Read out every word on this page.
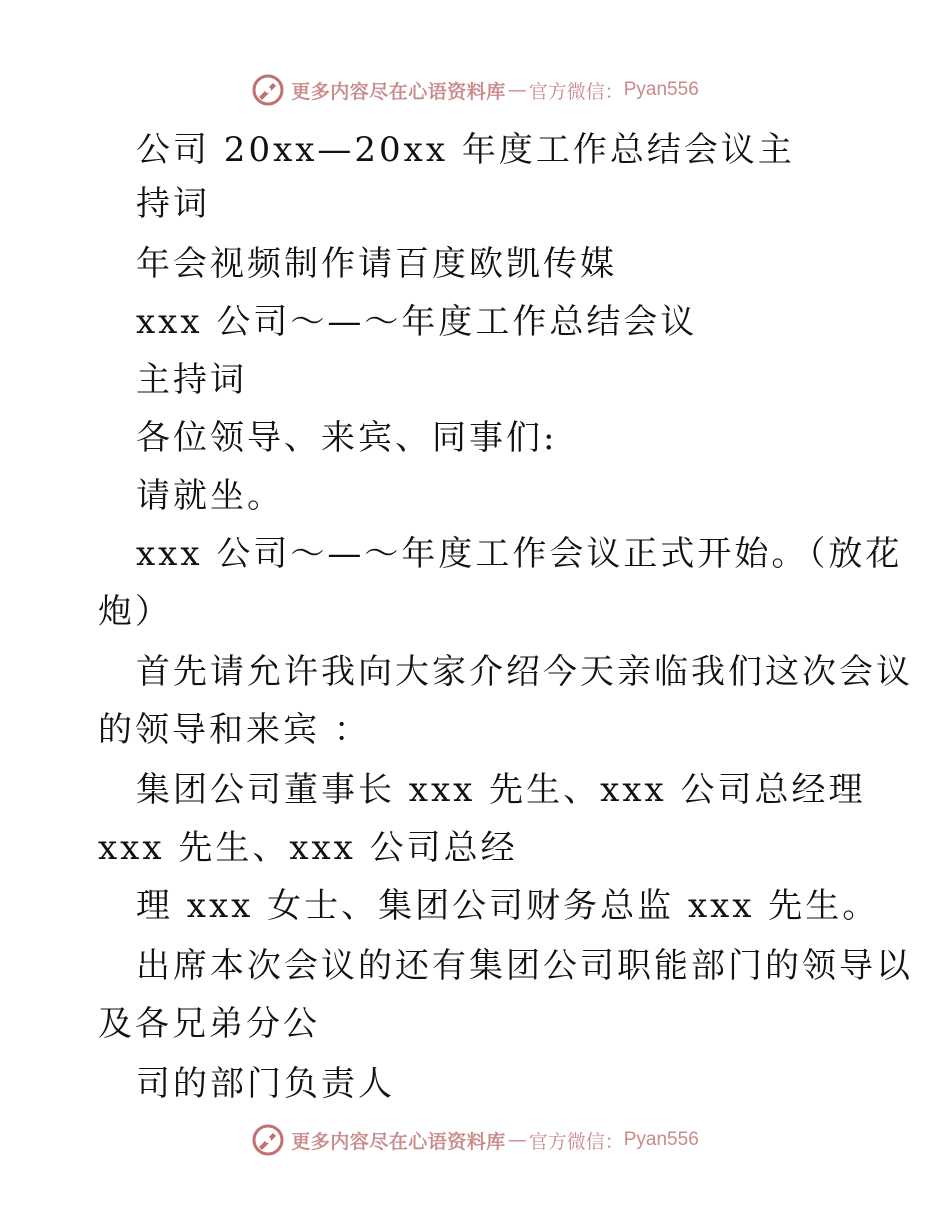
更多内容尽在心语资料库 — 官方微信： Pyan556
公司 20xx—20xx 年度工作总结会议主
持词
年会视频制作请百度欧凯传媒
xxx 公司～—～年度工作总结会议
主持词
各位领导、来宾、同事们:
请就坐。
xxx 公司～—～年度工作会议正式开始。（放花
炮）
首先请允许我向大家介绍今天亲临我们这次会议
的领导和来宾 ：
集团公司董事长 xxx 先生、xxx 公司总经理
xxx 先生、xxx 公司总经
理 xxx 女士、集团公司财务总监 xxx 先生。
出席本次会议的还有集团公司职能部门的领导以
及各兄弟分公
司的部门负责人
更多内容尽在心语资料库 — 官方微信： Pyan556
